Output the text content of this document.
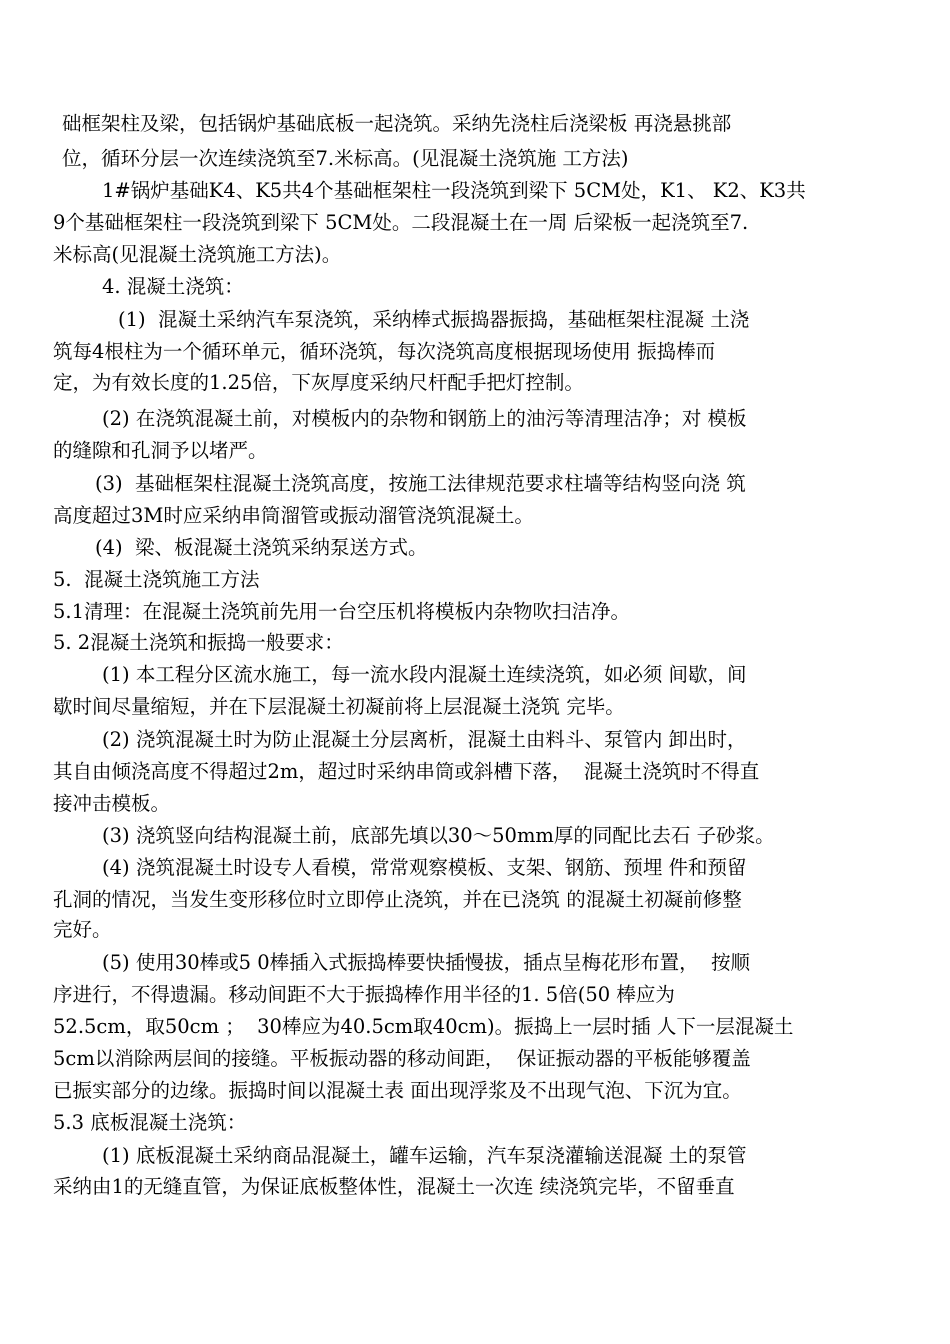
础框架柱及梁，包括锅炉基础底板一起浇筑。采纳先浇柱后浇梁板 再浇悬挑部
位，循环分层一次连续浇筑至7.米标高。(见混凝土浇筑施 工方法)
1#锅炉基础K4、K5共4个基础框架柱一段浇筑到梁下 5CM处，K1、 K2、K3共
9个基础框架柱一段浇筑到梁下 5CM处。二段混凝土在一周 后梁板一起浇筑至7.
米标高(见混凝土浇筑施工方法)。
4. 混凝土浇筑：
(1)  混凝土采纳汽车泵浇筑，采纳棒式振捣器振捣，基础框架柱混凝 土浇
筑每4根柱为一个循环单元，循环浇筑，每次浇筑高度根据现场使用 振捣棒而
定，为有效长度的1.25倍，下灰厚度采纳尺杆配手把灯控制。
(2) 在浇筑混凝土前，对模板内的杂物和钢筋上的油污等清理洁净；对 模板
的缝隙和孔洞予以堵严。
(3)  基础框架柱混凝土浇筑高度，按施工法律规范要求柱墙等结构竖向浇 筑
高度超过3M时应采纳串筒溜管或振动溜管浇筑混凝土。
(4)  梁、板混凝土浇筑采纳泵送方式。
5.  混凝土浇筑施工方法
5.1清理：在混凝土浇筑前先用一台空压机将模板内杂物吹扫洁净。
5. 2混凝土浇筑和振捣一般要求：
(1) 本工程分区流水施工，每一流水段内混凝土连续浇筑，如必须 间歇，间
歇时间尽量缩短，并在下层混凝土初凝前将上层混凝土浇筑 完毕。
(2) 浇筑混凝土时为防止混凝土分层离析，混凝土由料斗、泵管内 卸出时，
其自由倾浇高度不得超过2m，超过时采纳串筒或斜槽下落，  混凝土浇筑时不得直
接冲击模板。
(3) 浇筑竖向结构混凝土前，底部先填以30〜50mm厚的同配比去石 子砂浆。
(4) 浇筑混凝土时设专人看模，常常观察模板、支架、钢筋、预埋 件和预留
孔洞的情况，当发生变形移位时立即停止浇筑，并在已浇筑 的混凝土初凝前修整
完好。
(5) 使用30棒或5 0棒插入式振捣棒要快插慢拔，插点呈梅花形布置，  按顺
序进行，不得遗漏。移动间距不大于振捣棒作用半径的1. 5倍(50 棒应为
52.5cm，取50cm ；  30棒应为40.5cm取40cm)。振捣上一层时插 人下一层混凝土
5cm以消除两层间的接缝。平板振动器的移动间距，  保证振动器的平板能够覆盖
已振实部分的边缘。振捣时间以混凝土表 面出现浮浆及不出现气泡、下沉为宜。
5.3 底板混凝土浇筑：
(1) 底板混凝土采纳商品混凝土，罐车运输，汽车泵浇灌输送混凝 土的泵管
采纳由1的无缝直管，为保证底板整体性，混凝土一次连 续浇筑完毕，不留垂直
